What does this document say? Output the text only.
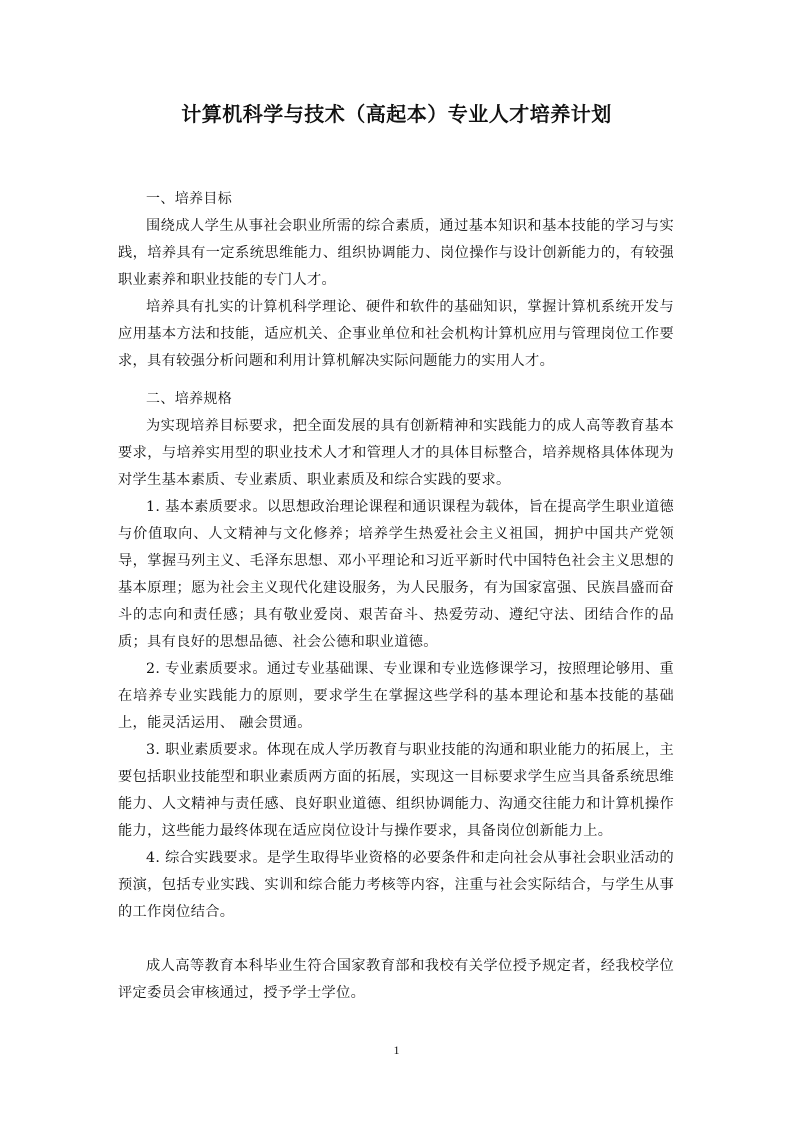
计算机科学与技术（高起本）专业人才培养计划

一、培养目标

围绕成人学生从事社会职业所需的综合素质，通过基本知识和基本技能的学习与实践，培养具有一定系统思维能力、组织协调能力、岗位操作与设计创新能力的，有较强职业素养和职业技能的专门人才。

培养具有扎实的计算机科学理论、硬件和软件的基础知识，掌握计算机系统开发与应用基本方法和技能，适应机关、企事业单位和社会机构计算机应用与管理岗位工作要求，具有较强分析问题和利用计算机解决实际问题能力的实用人才。

二、培养规格

为实现培养目标要求，把全面发展的具有创新精神和实践能力的成人高等教育基本要求，与培养实用型的职业技术人才和管理人才的具体目标整合，培养规格具体体现为对学生基本素质、专业素质、职业素质及和综合实践的要求。

1. 基本素质要求。以思想政治理论课程和通识课程为载体，旨在提高学生职业道德与价值取向、人文精神与文化修养；培养学生热爱社会主义祖国，拥护中国共产党领导，掌握马列主义、毛泽东思想、邓小平理论和习近平新时代中国特色社会主义思想的基本原理；愿为社会主义现代化建设服务，为人民服务，有为国家富强、民族昌盛而奋斗的志向和责任感；具有敬业爱岗、艰苦奋斗、热爱劳动、遵纪守法、团结合作的品质；具有良好的思想品德、社会公德和职业道德。

2. 专业素质要求。通过专业基础课、专业课和专业选修课学习，按照理论够用、重在培养专业实践能力的原则，要求学生在掌握这些学科的基本理论和基本技能的基础上，能灵活运用、 融会贯通。

3. 职业素质要求。体现在成人学历教育与职业技能的沟通和职业能力的拓展上，主要包括职业技能型和职业素质两方面的拓展，实现这一目标要求学生应当具备系统思维能力、人文精神与责任感、良好职业道德、组织协调能力、沟通交往能力和计算机操作能力，这些能力最终体现在适应岗位设计与操作要求，具备岗位创新能力上。

4. 综合实践要求。是学生取得毕业资格的必要条件和走向社会从事社会职业活动的预演，包括专业实践、实训和综合能力考核等内容，注重与社会实际结合，与学生从事的工作岗位结合。

成人高等教育本科毕业生符合国家教育部和我校有关学位授予规定者，经我校学位评定委员会审核通过，授予学士学位。

1
